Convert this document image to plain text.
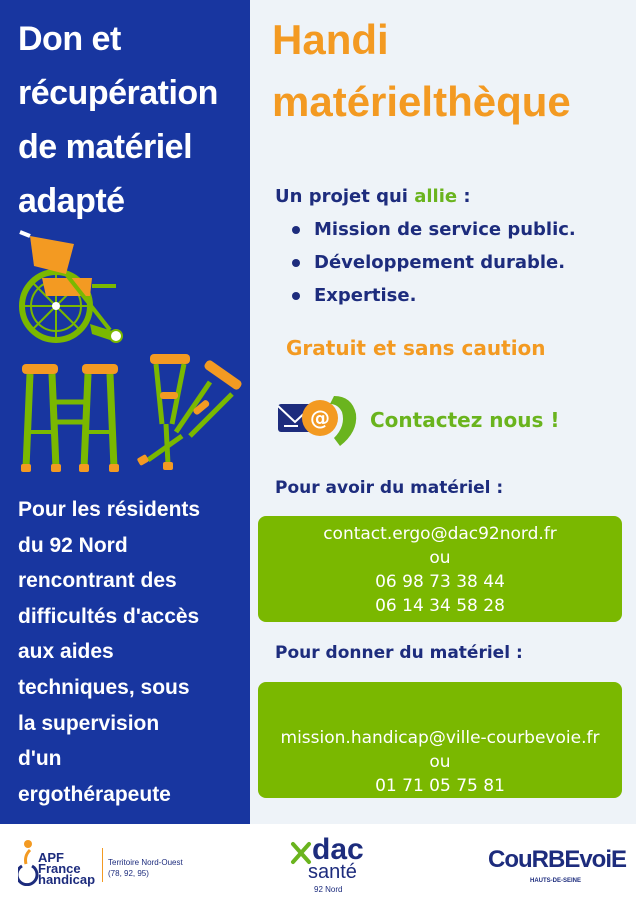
Don et
récupération
de matériel
adapté
Pour les résidents
du 92 Nord
rencontrant des
difficultés d'accès
aux aides
techniques, sous
la supervision
d'un
ergothérapeute
Handi
matérielthèque
Un projet qui allie :
Mission de service public.
Développement durable.
Expertise.
Gratuit et sans caution
@ Contactez nous !
Pour avoir du matériel :
contact.ergo@dac92nord.fr
ou
06 98 73 38 44
06 14 34 58 28
Pour donner du matériel :
mission.handicap@ville-courbevoie.fr
ou
01 71 05 75 81
APF
France
handicap
Territoire Nord-Ouest
(78, 92, 95)
dac
santé
92 Nord
CouRBEvoiE
HAUTS-DE-SEINE
